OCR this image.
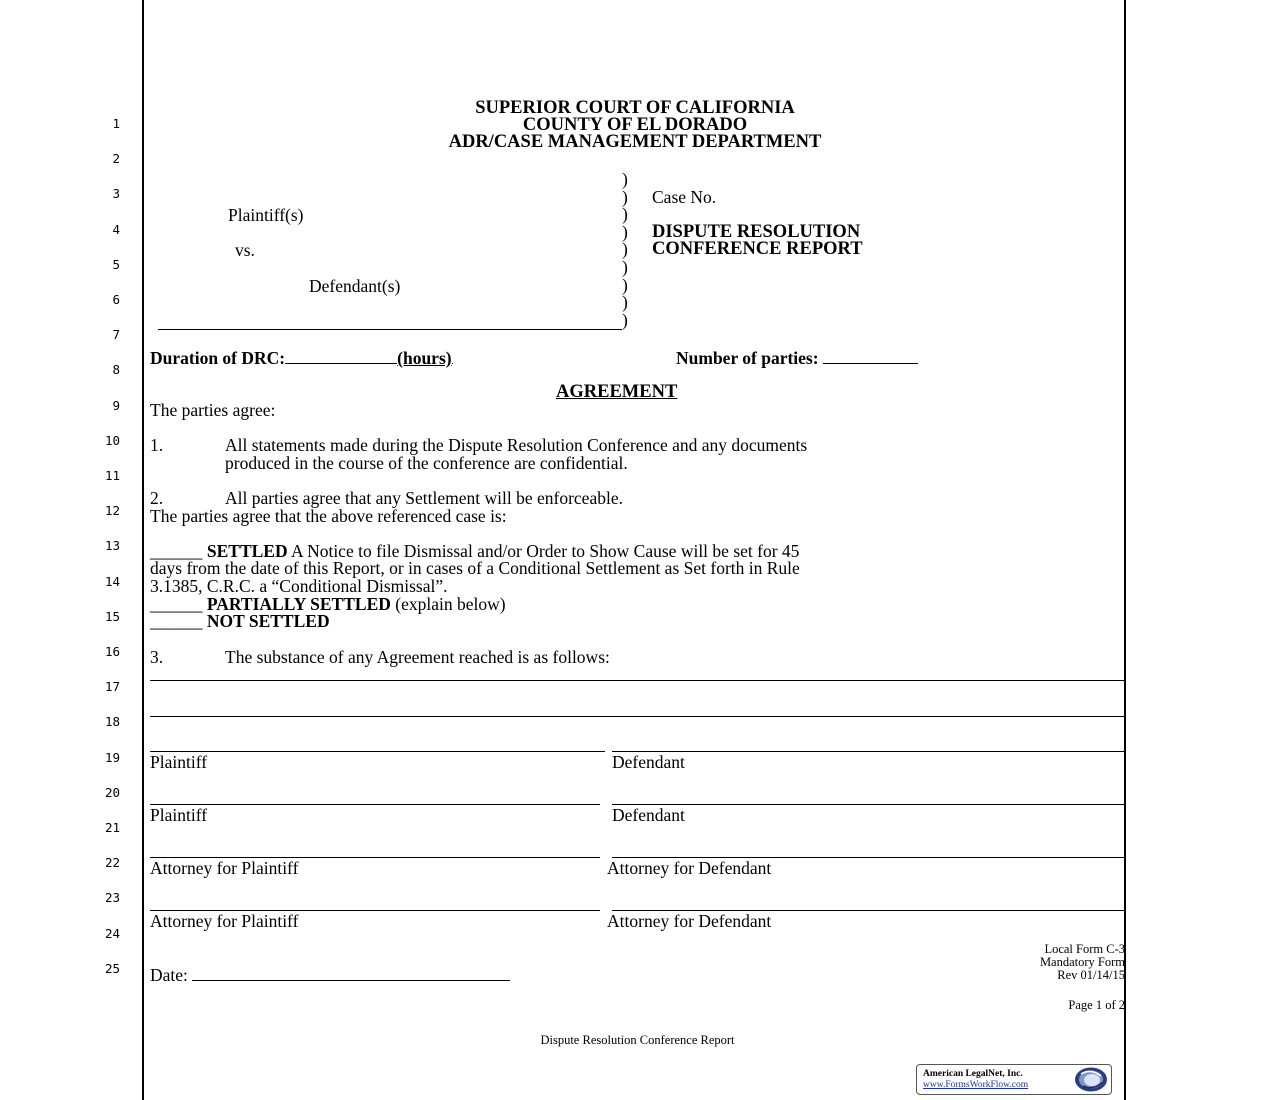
1
2
3
4
5
6
7
8
9
10
11
12
13
14
15
16
17
18
19
20
21
22
23
24
25
SUPERIOR COURT OF CALIFORNIA
COUNTY OF EL DORADO
ADR/CASE MANAGEMENT DEPARTMENT
Plaintiff(s)
vs.
Defendant(s)
)
)
)
)
)
)
)
)
)
Case No.
DISPUTE RESOLUTION
CONFERENCE REPORT
Duration of DRC:	(hours)	Number of parties:
AGREEMENT
The parties agree:
1.	All statements made during the Dispute Resolution Conference and any documents
produced in the course of the conference are confidential.
2.	All parties agree that any Settlement will be enforceable.
The parties agree that the above referenced case is:
______ SETTLED A Notice to file Dismissal and/or Order to Show Cause will be set for 45
days from the date of this Report, or in cases of a Conditional Settlement as Set forth in Rule
3.1385, C.R.C. a “Conditional Dismissal”.
______ PARTIALLY SETTLED (explain below)
______ NOT SETTLED
3.	The substance of any Agreement reached is as follows:
Plaintiff	Defendant
Plaintiff	Defendant
Attorney for Plaintiff	Attorney for Defendant
Attorney for Plaintiff	Attorney for Defendant
Date:
Local Form C-3
Mandatory Form
Rev 01/14/15
Page 1 of 2
Dispute Resolution Conference Report
American LegalNet, Inc.
www.FormsWorkFlow.com
